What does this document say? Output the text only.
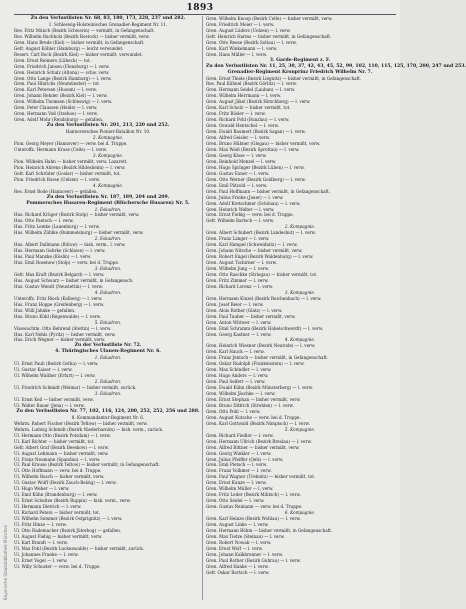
1893
Bayerische Staatsbibliothek München
Zu den Verlustlisten Nr. 68, 83, 180, 173, 228, 237 und 282.
1. Schleswig-Holsteinisches Grenadier-Regiment Nr. 11.
Res. Fritz Münch (Bezirk Schwerin) — vermißt, in Gefangenschaft.
Res. Wilhelm Buchholz (Bezirk Rostock) — bisher vermißt, verw.
Gren. Hans Brede (Kiel) — bisher vermißt, in Gefangenschaft.
Gefr. August Köhler (Hamburg) — leicht verwundet.
Reserv. Carl Bock (Bezirk Kiel) — bisher vermißt, verwundet.
Gren. Ernst Reimers (Lübeck) — tot.
Gren. Friedrich Jansen (Flensburg) — l. verw.
Gren. Heinrich Schulz (Altona) — schw. verw.
Gren. Otto Lange (Bezirk Hamburg) — l. verw.
Gren. Paul Hinrichs (Neumünster) — tot.
Gren. Karl Petersen (Husum) — l. verw.
Gren. Johann Rehder (Bezirk Kiel) — l. verw.
Gren. Wilhelm Thomsen (Schleswig) — l. verw.
Gren. Peter Claussen (Heide) — l. verw.
Gren. Hermann Voß (Itzehoe) — l. verw.
Gren. Adolf Mohr (Rendsburg) — gefallen.
Zu den Verlustlisten Nr. 201, 213, 220 und 252.
Hannoversches Pionier-Bataillon Nr. 10.
2. Kompagnie.
Pion. Georg Meyer (Hannover) — verw. bei d. Truppe.
Unteroffz. Hermann Kruse (Celle) — l. verw.
3. Kompagnie.
Pion. Wilhelm Hahn — bisher vermißt, verw. Lazarett.
Pion. Heinrich Ahrens (Bezirk Hildesheim) — l. verw.
Gefr. Karl Schröder (Goslar) — bisher vermißt, tot.
Pion. Friedrich Busse (Uelzen) — l. verw.
4. Kompagnie.
Res. Ernst Bode (Hannover) — gefallen.
Zu den Verlustlisten Nr. 187, 189, 204 und 209.
Pommersches Husaren-Regiment (Blüchersche Husaren) Nr. 5.
1. Eskadron.
Hus. Richard Krüger (Bezirk Stolp) — bisher vermißt, verw.
Hus. Otto Paetsch — l. verw.
Hus. Fritz Lemke (Lauenburg) — l. verw.
Hus. Wilhelm Zühlke (Rummelsburg) — bisher vermißt, verw.
2. Eskadron.
Hus. Albert Dallmann (Bütow) — bish. verm., l. verw.
Hus. Hermann Gehrke (Schlawe) — l. verw.
Hus. Paul Manzke (Köslin) — l. verw.
Hus. Emil Rosenow (Stolp) — verw. bei d. Truppe.
3. Eskadron.
Gefr. Max Kraft (Bezirk Belgard) — l. verw.
Hus. August Schwarz — bisher vermißt, in Gefangensch.
Hus. Gustav Wendt (Neustettin) — l. verw.
4. Eskadron.
Unteroffz. Fritz Rieck (Kolberg) — l. verw.
Hus. Franz Hoppe (Greifenberg) — l. verw.
Hus. Willi Jahnke — gefallen.
Hus. Bruno Kühl (Regenwalde) — l. verw.
5. Eskadron.
Vizewachtm. Otto Behrend (Stettin) — l. verw.
Hus. Karl Nehls (Pyritz) — bisher vermißt, verw.
Hus. Erich Wegner — bisher vermißt, verw.
Zu der Verlustliste Nr. 72.
4. Thüringisches Ulanen-Regiment Nr. 6.
1. Eskadron.
Ul. Ernst Pauli (Bezirk Gotha) — l. verw.
Ul. Gustav Kaiser — l. verw.
Ul. Wilhelm Walther (Erfurt) — l. verw.
2. Eskadron.
Ul. Friedrich Schmidt (Weimar) — bisher vermißt, zurück.
3. Eskadron.
Ul. Ernst Keil — bisher vermißt, verw.
Ul. Walter Bauer (Jena) — l. verw.
Zu den Verlustlisten Nr. 77, 102, 116, 124, 200, 252, 252, 256 und 288.
8. Kommandantur-Regiment Nr. 6.
Wehrm. Robert Fischer (Bezirk Teltow) — bisher vermißt, verw.
Wehrm. Ludwig Schmidt (Bezirk Niederbarnim) — bish. verm., zurück.
Ul. Hermann Otto (Bezirk Potsdam) — l. verw.
Ul. Karl Richter — bisher vermißt, tot.
Gefr. Albert Graf (Bezirk Beeskow) — l. verw.
Ul. August Lehmann — bisher vermißt, verw.
Ul. Franz Neumann (Spandau) — l. verw.
Ul. Paul Krause (Bezirk Teltow) — bisher vermißt, in Gefangenschaft.
Ul. Otto Hoffmann — verw. bei d. Truppe.
Ul. Wilhelm Busch — bisher vermißt, verw.
Ul. Gustav Wolff (Bezirk Zauch-Belzig) — l. verw.
Ul. Hugo Weber — l. verw.
Ul. Emil Kühn (Brandenburg) — l. verw.
Ul. Ernst Schultze (Bezirk Ruppin) — bish. verm., verw.
Ul. Hermann Dietrich — l. verw.
Ul. Richard Peters — bisher vermißt, tot.
Ul. Wilhelm Sommer (Bezirk Ostprignitz) — l. verw.
Ul. Fritz Hinze — l. verw.
Ul. Otto Rademacher (Bezirk Jüterbog) — gefallen.
Ul. August Fiebig — bisher vermißt, verw.
Ul. Karl Brandt — l. verw.
Ul. Max Pohl (Bezirk Luckenwalde) — bisher vermißt, zurück.
Ul. Johannes Franke — l. verw.
Ul. Ernst Vogel — l. verw.
Ul. Willy Schuster — verw. bei d. Truppe.
Gren. Wilhelm Knoop (Bezirk Celle) — bisher vermißt, verw.
Gren. Friedrich Meier — l. verw.
Gren. August Lüders (Uelzen) — l. verw.
Gefr. Heinrich Harms — bisher vermißt, in Gefangenschaft.
Gren. Otto Reese (Bezirk Soltau) — l. verw.
Gren. Karl Winkelmann — l. verw.
Gren. Hans Müller — l. verw.
3. Garde-Regiment z. F.
Zu den Verlustlisten Nr. 11, 25, 30, 37, 42, 43, 45, 52, 99, 102, 110, 115, 125, 170, 200, 247 und 253.
Grenadier-Regiment Kronprinz Friedrich Wilhelm Nr. 7.
Gren. Ernst Thiele (Bezirk Liegnitz) — bisher vermißt, in Gefangenschaft.
Res. Paul Kühnel (Bezirk Görlitz) — l. verw.
Gren. Hermann Seidel (Lauban) — l. verw.
Gren. Wilhelm Herrmann — l. verw.
Gren. August Jäkel (Bezirk Hirschberg) — l. verw.
Gren. Karl Scholz — bisher vermißt, tot.
Gren. Fritz Rösler — l. verw.
Gren. Richard Pohl (Bunzlau) — l. verw.
Gren. Oswald Hentschel — l. verw.
Gren. Ewald Baumert (Bezirk Sagan) — l. verw.
Gren. Alfred Geisler — l. verw.
Gren. Bruno Hübner (Glogau) — bisher vermißt, verw.
Gren. Max Weiß (Bezirk Sprottau) — l. verw.
Gren. Georg Klose — l. verw.
Gren. Reinhold Menzel — l. verw.
Gren. Hugo Springer (Bezirk Lüben) — l. verw.
Gren. Gustav Exner — l. verw.
Gren. Otto Werner (Bezirk Goldberg) — l. verw.
Gren. Emil Pätzold — l. verw.
Gren. Paul Hoffmann — bisher vermißt, in Gefangenschaft.
Gren. Julius Friebe (Jauer) — l. verw.
Gren. Adolf Kretschmer (Schönau) — l. verw.
Gren. Heinrich Walter — l. verw.
Gren. Ernst Fiebig — verw. bei d. Truppe.
Gefr. Wilhelm Bartsch — l. verw.
2. Kompagnie.
Gren. Albert Schubert (Bezirk Landeshut) — l. verw.
Gren. Franz Langer — l. verw.
Gren. Karl Hampel (Schweidnitz) — l. verw.
Gren. Johann Nitsche — bisher vermißt, verw.
Gren. Robert Engel (Bezirk Waldenburg) — l. verw.
Gren. August Tschirner — l. verw.
Gren. Wilhelm Jung — l. verw.
Gren. Otto Raschke (Striegau) — bisher vermißt, tot.
Gren. Fritz Zimmer — l. verw.
Gren. Richard Lorenz — l. verw.
3. Kompagnie.
Gren. Hermann Kinzel (Bezirk Reichenbach) — l. verw.
Gren. Josef Beier — l. verw.
Gren. Alois Rother (Glatz) — l. verw.
Gren. Paul Tauber — bisher vermißt, verw.
Gren. Anton Wittwer — l. verw.
Gren. Emil Schramm (Bezirk Habelschwerdt) — l. verw.
Gren. Georg Kastner — l. verw.
4. Kompagnie.
Gren. Heinrich Wiesner (Bezirk Neurode) — l. verw.
Gren. Karl Hauck — l. verw.
Gren. Franz Jentsch — bisher vermißt, in Gefangenschaft.
Gren. Oskar Rudolph (Frankenstein) — l. verw.
Gren. Max Schindler — l. verw.
Gren. Hugo Anders — l. verw.
Gren. Paul Seifert — l. verw.
Gren. Ewald Kühn (Bezirk Münsterberg) — l. verw.
Gren. Wilhelm Jäschke — l. verw.
Gren. Ernst Stephan — bisher vermißt, verw.
Gren. Bruno Dittrich (Strehlen) — l. verw.
Gren. Otto Pohl — l. verw.
Gren. August Kutsche — verw. bei d. Truppe.
Gren. Karl Gottwald (Bezirk Nimptsch) — l. verw.
5. Kompagnie.
Gren. Richard Fiedler — l. verw.
Gren. Hermann Ullrich (Bezirk Breslau) — l. verw.
Gren. Alfred Bittner — bisher vermißt, verw.
Gren. Georg Winkler — l. verw.
Gren. Julius Pfeiffer (Oels) — l. verw.
Gren. Emil Pietsch — l. verw.
Gren. Franz Volkmer — l. verw.
Gren. Paul Wagner (Trebnitz) — bisher vermißt, tot.
Gren. Ernst Kunze — l. verw.
Gren. Wilhelm Müller — l. verw.
Gren. Fritz Leder (Bezirk Militsch) — l. verw.
Gren. Otto Seidel — l. verw.
Gren. Gustav Reimann — verw. bei d. Truppe.
6. Kompagnie.
Gren. Karl Heinze (Bezirk Wohlau) — l. verw.
Gren. August Linke — l. verw.
Gren. Hermann Böhm — bisher vermißt, in Gefangenschaft.
Gren. Max Tietze (Steinau) — l. verw.
Gren. Robert Nowak — l. verw.
Gren. Ernst Wolf — l. verw.
Gren. Johann Kalkbrenner — l. verw.
Gren. Paul Rother (Bezirk Guhrau) — l. verw.
Gren. Alfred Hanke — l. verw.
Gefr. Oskar Bartsch — l. verw.
